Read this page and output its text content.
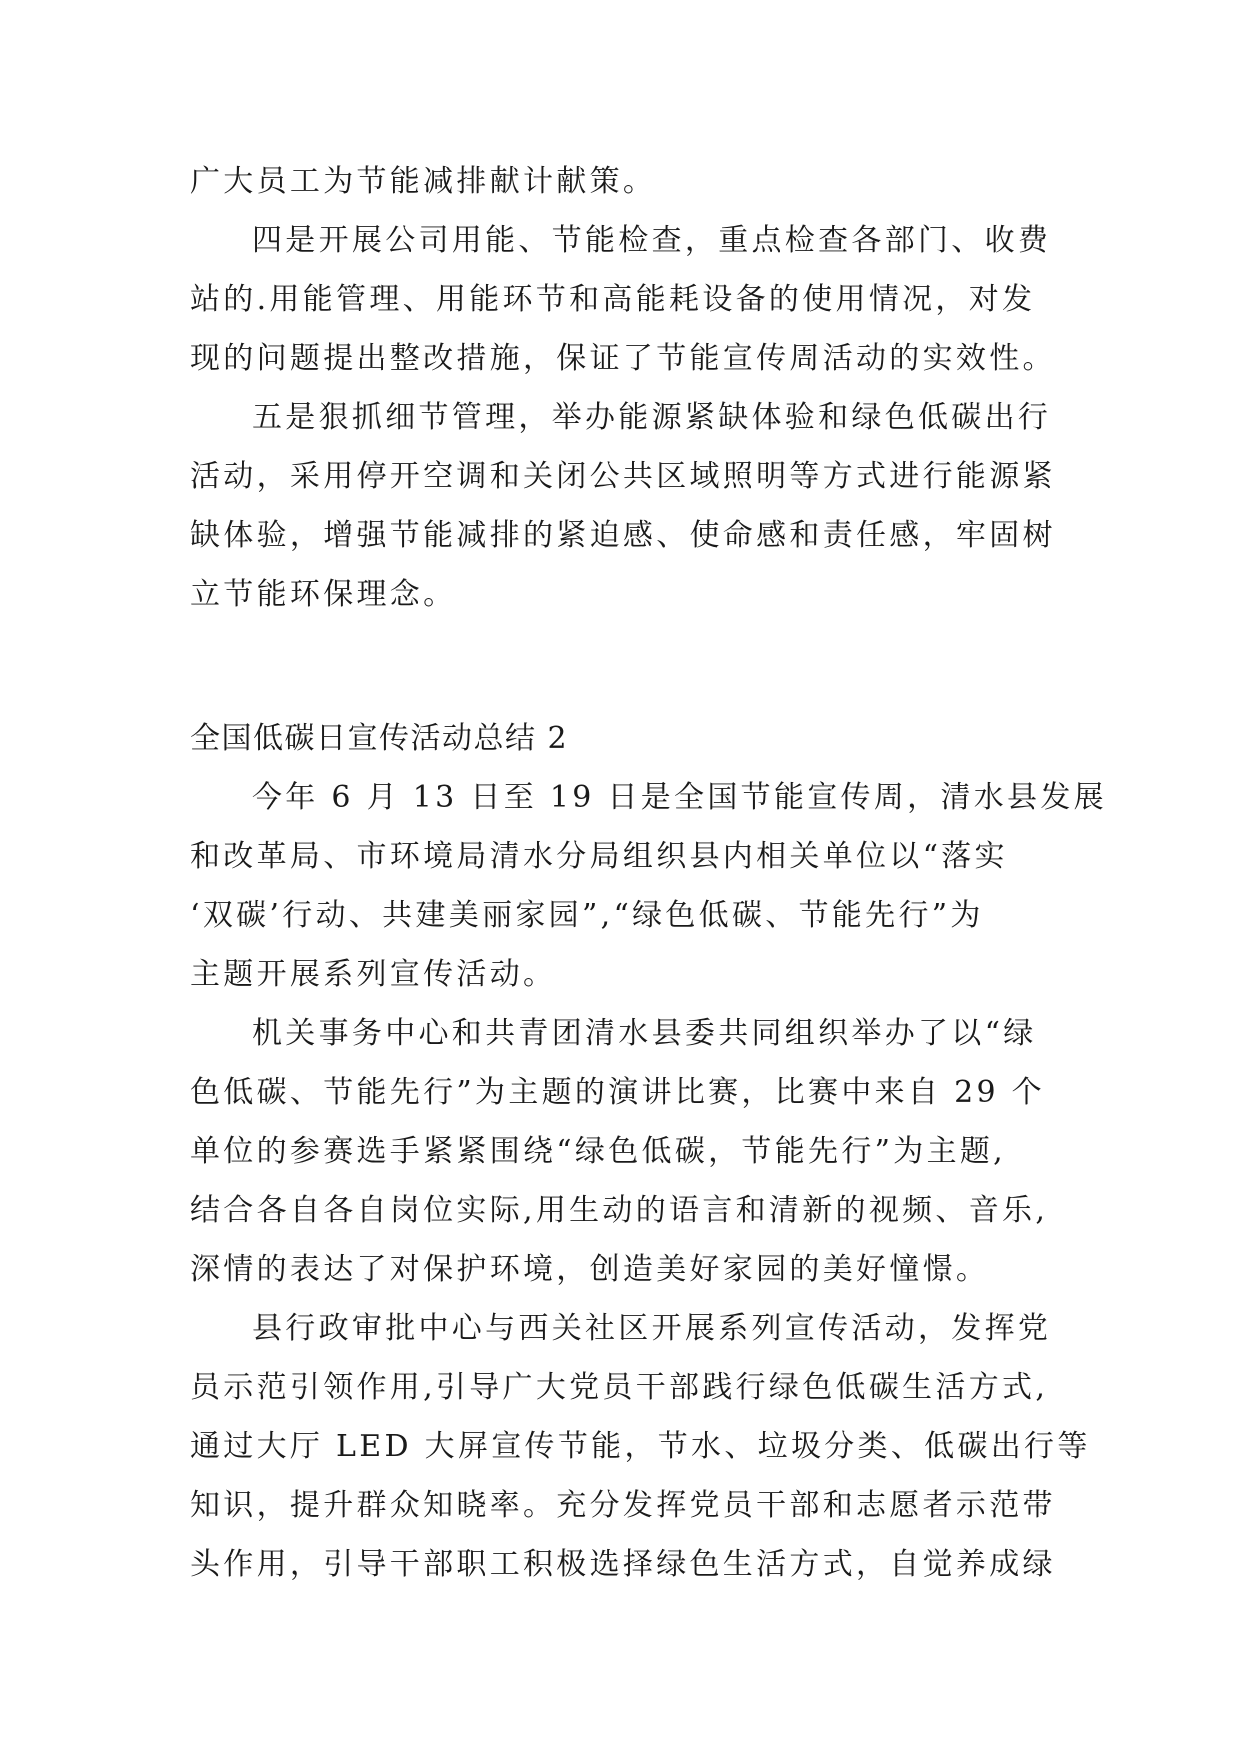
广大员工为节能减排献计献策。
四是开展公司用能、节能检查，重点检查各部门、收费
站的.用能管理、用能环节和高能耗设备的使用情况，对发
现的问题提出整改措施，保证了节能宣传周活动的实效性。
五是狠抓细节管理，举办能源紧缺体验和绿色低碳出行
活动，采用停开空调和关闭公共区域照明等方式进行能源紧
缺体验，增强节能减排的紧迫感、使命感和责任感，牢固树
立节能环保理念。
全国低碳日宣传活动总结 2
今年 6 月 13 日至 19 日是全国节能宣传周，清水县发展
和改革局、市环境局清水分局组织县内相关单位以“落实
‘双碳’行动、共建美丽家园”,“绿色低碳、节能先行”为
主题开展系列宣传活动。
机关事务中心和共青团清水县委共同组织举办了以“绿
色低碳、节能先行”为主题的演讲比赛，比赛中来自 29 个
单位的参赛选手紧紧围绕“绿色低碳，节能先行”为主题,
结合各自各自岗位实际,用生动的语言和清新的视频、音乐,
深情的表达了对保护环境，创造美好家园的美好憧憬。
县行政审批中心与西关社区开展系列宣传活动，发挥党
员示范引领作用,引导广大党员干部践行绿色低碳生活方式,
通过大厅 LED 大屏宣传节能，节水、垃圾分类、低碳出行等
知识，提升群众知晓率。充分发挥党员干部和志愿者示范带
头作用，引导干部职工积极选择绿色生活方式，自觉养成绿
